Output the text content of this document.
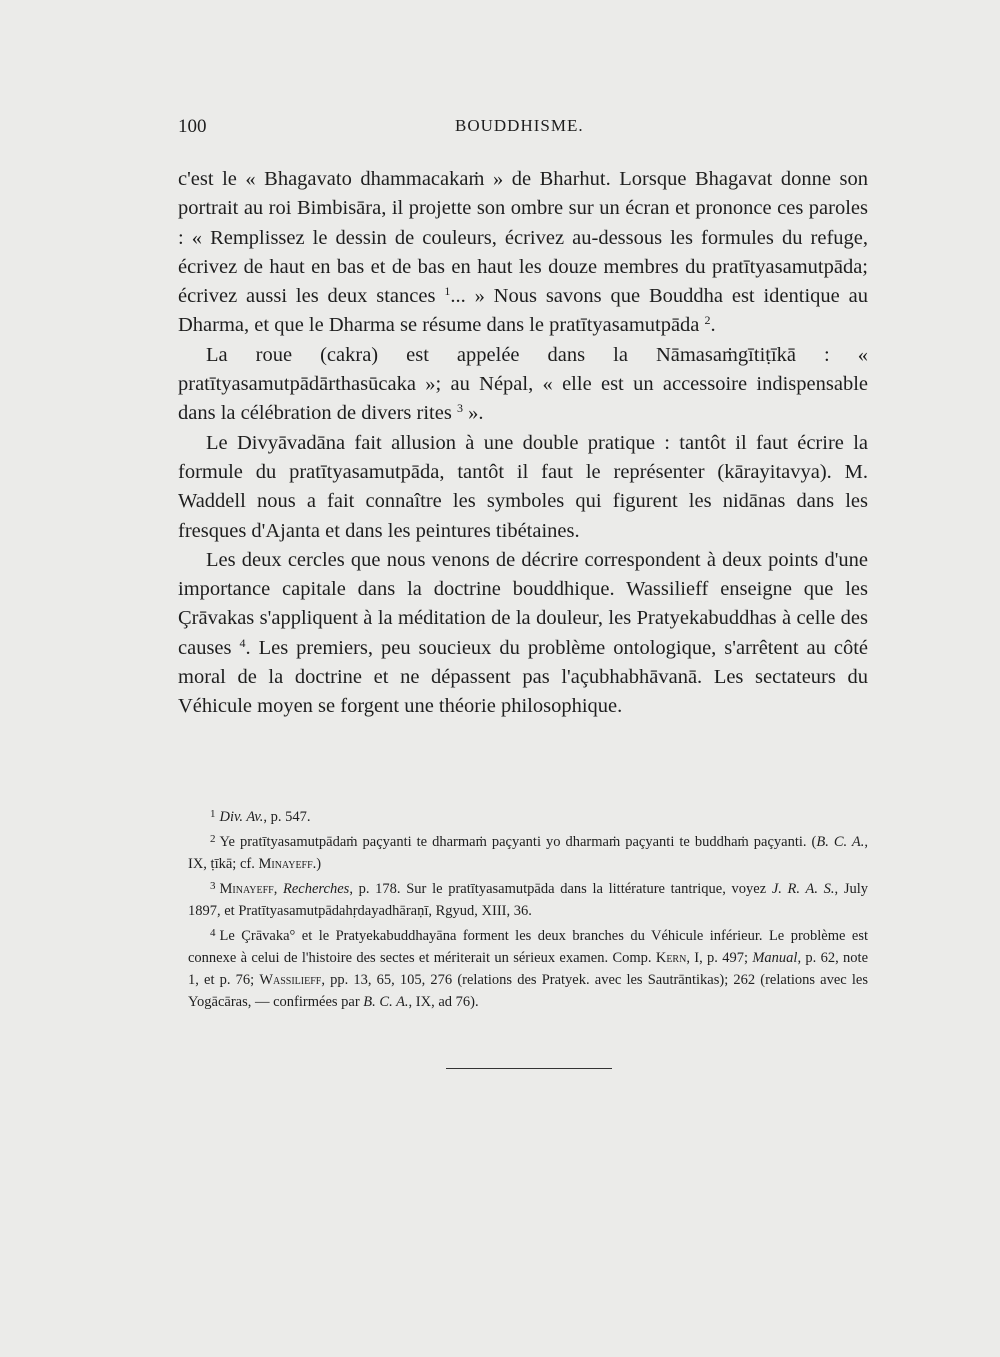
100	BOUDDHISME.

c'est le « Bhagavato dhammacakaṁ » de Bharhut. Lorsque Bhagavat donne son portrait au roi Bimbisāra, il projette son ombre sur un écran et prononce ces paroles : « Remplissez le dessin de couleurs, écrivez au-dessous les formules du refuge, écrivez de haut en bas et de bas en haut les douze membres du pratītyasamutpāda; écrivez aussi les deux stances $^1$... » Nous savons que Bouddha est identique au Dharma, et que le Dharma se résume dans le pratītyasamutpāda $^2$.

La roue (cakra) est appelée dans la Nāmasaṁgītiṭīkā : « pratītyasamutpādārthasūcaka »; au Népal, « elle est un accessoire indispensable dans la célébration de divers rites $^3$ ».

Le Divyāvadāna fait allusion à une double pratique : tantôt il faut écrire la formule du pratītyasamutpāda, tantôt il faut le représenter (kārayitavya). M. Waddell nous a fait connaître les symboles qui figurent les nidānas dans les fresques d'Ajanta et dans les peintures tibétaines.

Les deux cercles que nous venons de décrire correspondent à deux points d'une importance capitale dans la doctrine bouddhique. Wassilieff enseigne que les Çrāvakas s'appliquent à la méditation de la douleur, les Pratyekabuddhas à celle des causes $^4$. Les premiers, peu soucieux du problème ontologique, s'arrêtent au côté moral de la doctrine et ne dépassent pas l'açubhabhāvanā. Les sectateurs du Véhicule moyen se forgent une théorie philosophique.

$^1$ Div. Av., p. 547.

$^2$ Ye pratītyasamutpādaṁ paçyanti te dharmaṁ paçyanti yo dharmaṁ paçyanti te buddhaṁ paçyanti. (B. C. A., IX, ṭīkā; cf. Minayeff.)

$^3$ Minayeff, Recherches, p. 178. Sur le pratītyasamutpāda dans la littérature tantrique, voyez J. R. A. S., July 1897, et Pratītyasamutpādahṛdayadhāraṇī, Rgyud, XIII, 36.

$^4$ Le Çrāvaka° et le Pratyekabuddhayāna forment les deux branches du Véhicule inférieur. Le problème est connexe à celui de l'histoire des sectes et mériterait un sérieux examen. Comp. Kern, I, p. 497; Manual, p. 62, note 1, et p. 76; Wassilieff, pp. 13, 65, 105, 276 (relations des Pratyek. avec les Sautrāntikas); 262 (relations avec les Yogācāras, — confirmées par B. C. A., IX, ad 76).
